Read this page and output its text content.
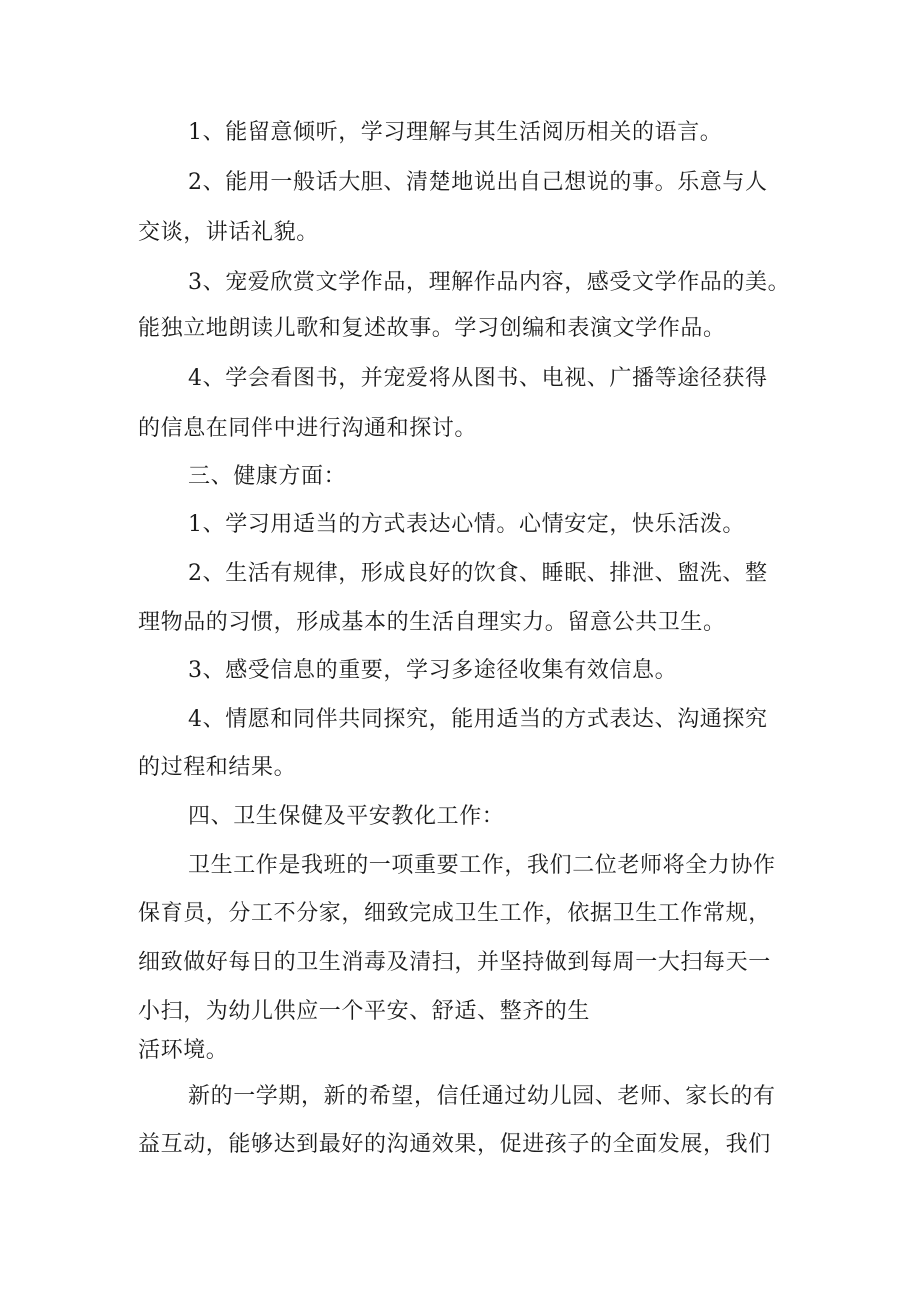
1、能留意倾听，学习理解与其生活阅历相关的语言。
2、能用一般话大胆、清楚地说出自己想说的事。乐意与人
交谈，讲话礼貌。
3、宠爱欣赏文学作品，理解作品内容，感受文学作品的美。
能独立地朗读儿歌和复述故事。学习创编和表演文学作品。
4、学会看图书，并宠爱将从图书、电视、广播等途径获得
的信息在同伴中进行沟通和探讨。
三、健康方面：
1、学习用适当的方式表达心情。心情安定，快乐活泼。
2、生活有规律，形成良好的饮食、睡眠、排泄、盥洗、整
理物品的习惯，形成基本的生活自理实力。留意公共卫生。
3、感受信息的重要，学习多途径收集有效信息。
4、情愿和同伴共同探究，能用适当的方式表达、沟通探究
的过程和结果。
四、卫生保健及平安教化工作：
卫生工作是我班的一项重要工作，我们二位老师将全力协作
保育员，分工不分家，细致完成卫生工作，依据卫生工作常规，
细致做好每日的卫生消毒及清扫，并坚持做到每周一大扫每天一
小扫，为幼儿供应一个平安、舒适、整齐的生
活环境。
新的一学期，新的希望，信任通过幼儿园、老师、家长的有
益互动，能够达到最好的沟通效果，促进孩子的全面发展，我们
